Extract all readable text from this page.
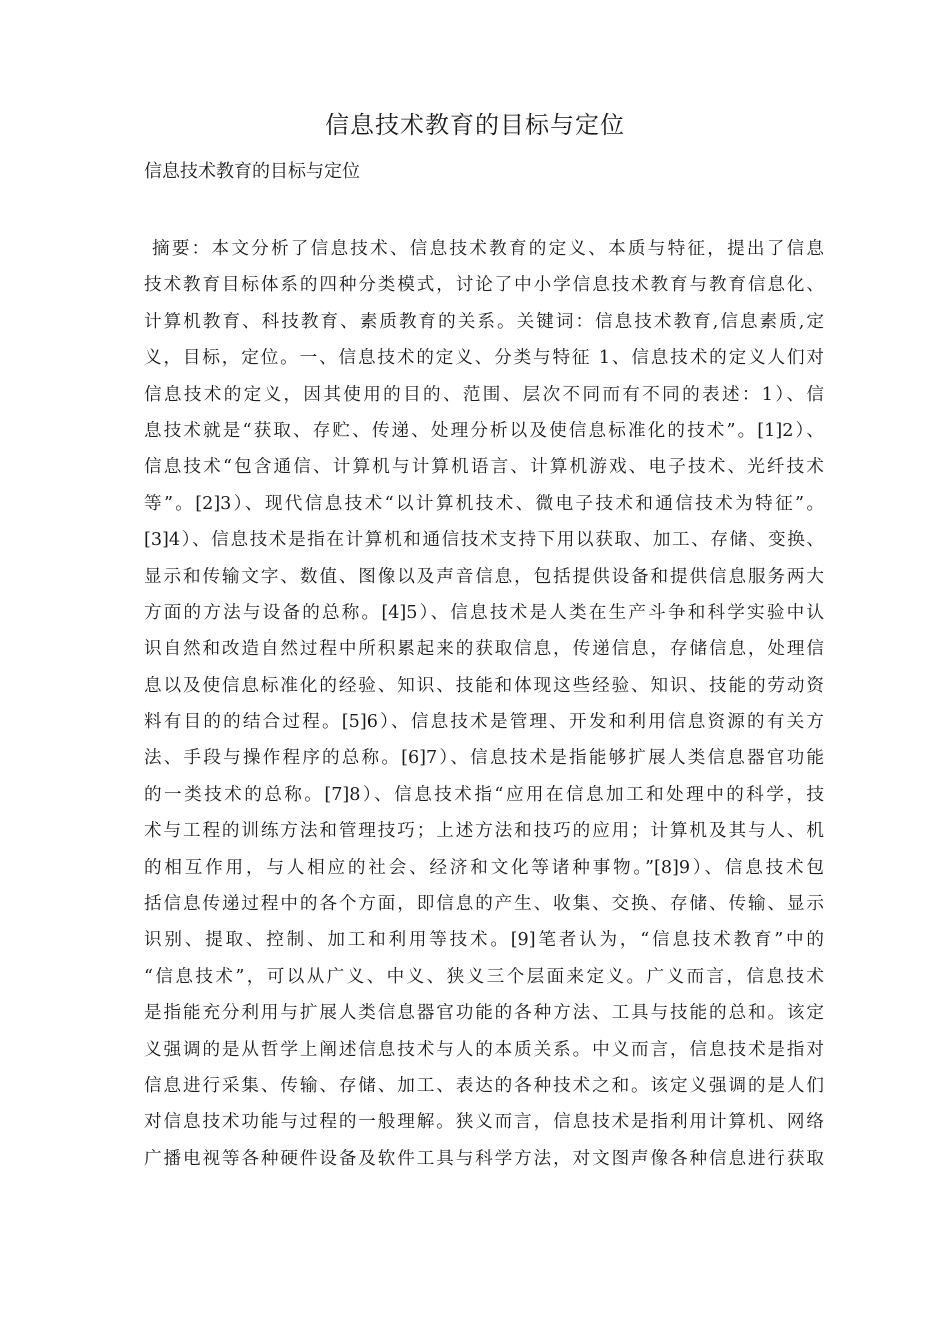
信息技术教育的目标与定位
信息技术教育的目标与定位
摘要：本文分析了信息技术、信息技术教育的定义、本质与特征，提出了信息
技术教育目标体系的四种分类模式，讨论了中小学信息技术教育与教育信息化、
计算机教育、科技教育、素质教育的关系。关键词：信息技术教育,信息素质,定
义，目标，定位。一、信息技术的定义、分类与特征 1、信息技术的定义人们对
信息技术的定义，因其使用的目的、范围、层次不同而有不同的表述：1）、信
息技术就是“获取、存贮、传递、处理分析以及使信息标准化的技术”。[1]2）、
信息技术“包含通信、计算机与计算机语言、计算机游戏、电子技术、光纤技术
等”。[2]3）、现代信息技术“以计算机技术、微电子技术和通信技术为特征”。
[3]4）、信息技术是指在计算机和通信技术支持下用以获取、加工、存储、变换、
显示和传输文字、数值、图像以及声音信息，包括提供设备和提供信息服务两大
方面的方法与设备的总称。[4]5）、信息技术是人类在生产斗争和科学实验中认
识自然和改造自然过程中所积累起来的获取信息，传递信息，存储信息，处理信
息以及使信息标准化的经验、知识、技能和体现这些经验、知识、技能的劳动资
料有目的的结合过程。[5]6）、信息技术是管理、开发和利用信息资源的有关方
法、手段与操作程序的总称。[6]7）、信息技术是指能够扩展人类信息器官功能
的一类技术的总称。[7]8）、信息技术指“应用在信息加工和处理中的科学，技
术与工程的训练方法和管理技巧；上述方法和技巧的应用；计算机及其与人、机
的相互作用，与人相应的社会、经济和文化等诸种事物。”[8]9）、信息技术包
括信息传递过程中的各个方面，即信息的产生、收集、交换、存储、传输、显示
识别、提取、控制、加工和利用等技术。[9]笔者认为，“信息技术教育”中的
“信息技术”，可以从广义、中义、狭义三个层面来定义。广义而言，信息技术
是指能充分利用与扩展人类信息器官功能的各种方法、工具与技能的总和。该定
义强调的是从哲学上阐述信息技术与人的本质关系。中义而言，信息技术是指对
信息进行采集、传输、存储、加工、表达的各种技术之和。该定义强调的是人们
对信息技术功能与过程的一般理解。狭义而言，信息技术是指利用计算机、网络
广播电视等各种硬件设备及软件工具与科学方法，对文图声像各种信息进行获取
